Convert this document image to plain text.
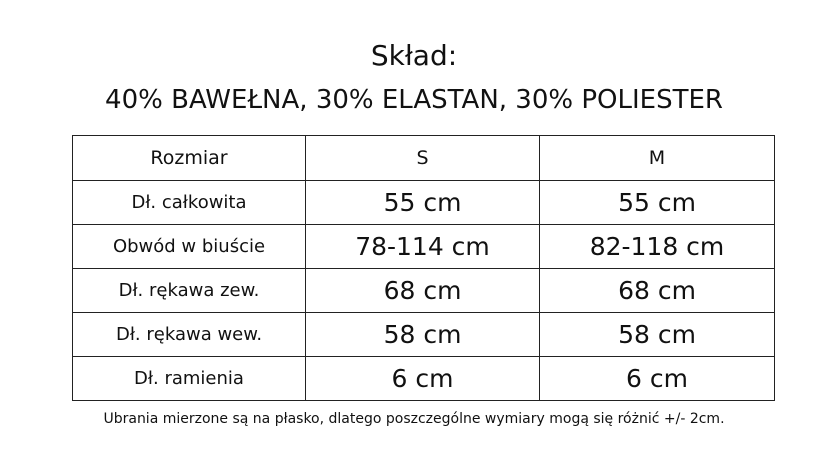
Skład:
40% BAWEŁNA, 30% ELASTAN, 30% POLIESTER
Rozmiar	S	M
Dł. całkowita	55 cm	55 cm
Obwód w biuście	78-114 cm	82-118 cm
Dł. rękawa zew.	68 cm	68 cm
Dł. rękawa wew.	58 cm	58 cm
Dł. ramienia	6 cm	6 cm
Ubrania mierzone są na płasko, dlatego poszczególne wymiary mogą się różnić +/- 2cm.
